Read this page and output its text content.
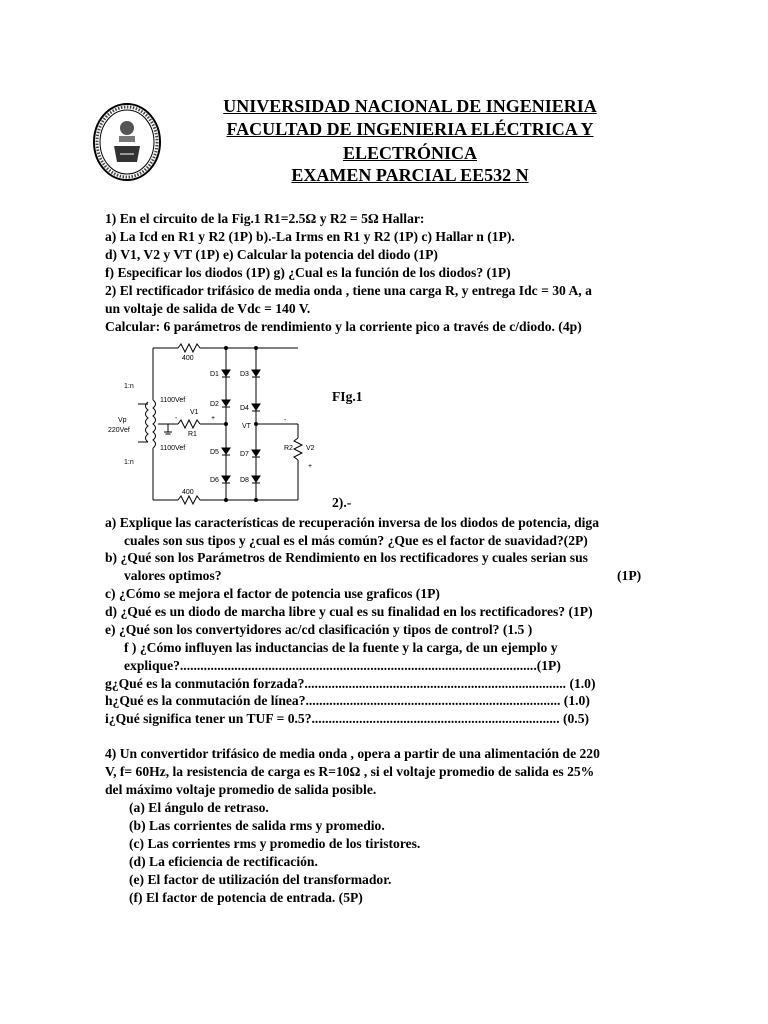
UNIVERSIDAD NACIONAL DE INGENIERIA
FACULTAD DE INGENIERIA ELÉCTRICA Y
ELECTRÓNICA
EXAMEN PARCIAL EE532 N
1) En el circuito de la Fig.1 R1=2.5Ω y R2 = 5Ω Hallar:
a) La Icd en R1 y R2 (1P) b).-La Irms en R1 y R2 (1P) c) Hallar n (1P).
d) V1, V2 y VT (1P) e) Calcular la potencia del diodo (1P)
f) Especificar los diodos (1P) g) ¿Cual es la función de los diodos? (1P)
2) El rectificador trifásico de media onda , tiene una carga R, y entrega Idc = 30 A, a
un voltaje de salida de Vdc = 140 V.
Calcular: 6 parámetros de rendimiento y la corriente pico a través de c/diodo. (4p)
400
400
1:n
1:n
Vp
220Vef
1100Vef
1100Vef
V1
R1
-	+
VT
R2 V2
-
+
D1
D2
D3
D4
D5
D6
D7
D8
FIg.1
2).-
a) Explique las características de recuperación inversa de los diodos de potencia, diga
cuales son sus tipos y ¿cual es el más común? ¿Que es el factor de suavidad?(2P)
b) ¿Qué son los Parámetros de Rendimiento en los rectificadores y cuales serian sus
valores optimos?	(1P)
c) ¿Cómo se mejora el factor de potencia use graficos (1P)
d) ¿Qué es un diodo de marcha libre y cual es su finalidad en los rectificadores? (1P)
e) ¿Qué son los convertyidores ac/cd clasificación y tipos de control? (1.5 )
f ) ¿Cómo influyen las inductancias de la fuente y la carga, de un ejemplo y
explique?.........................................................................................................(1P)
g¿Qué es la conmutación forzada?............................................................................. (1.0)
h¿Qué es la conmutación de línea?........................................................................... (1.0)
i¿Qué significa tener un TUF = 0.5?......................................................................... (0.5)
4) Un convertidor trifásico de media onda , opera a partir de una alimentación de 220
V, f= 60Hz, la resistencia de carga es R=10Ω , si el voltaje promedio de salida es 25%
del máximo voltaje promedio de salida posible.
(a) El ángulo de retraso.
(b) Las corrientes de salida rms y promedio.
(c) Las corrientes rms y promedio de los tiristores.
(d) La eficiencia de rectificación.
(e) El factor de utilización del transformador.
(f) El factor de potencia de entrada. (5P)
